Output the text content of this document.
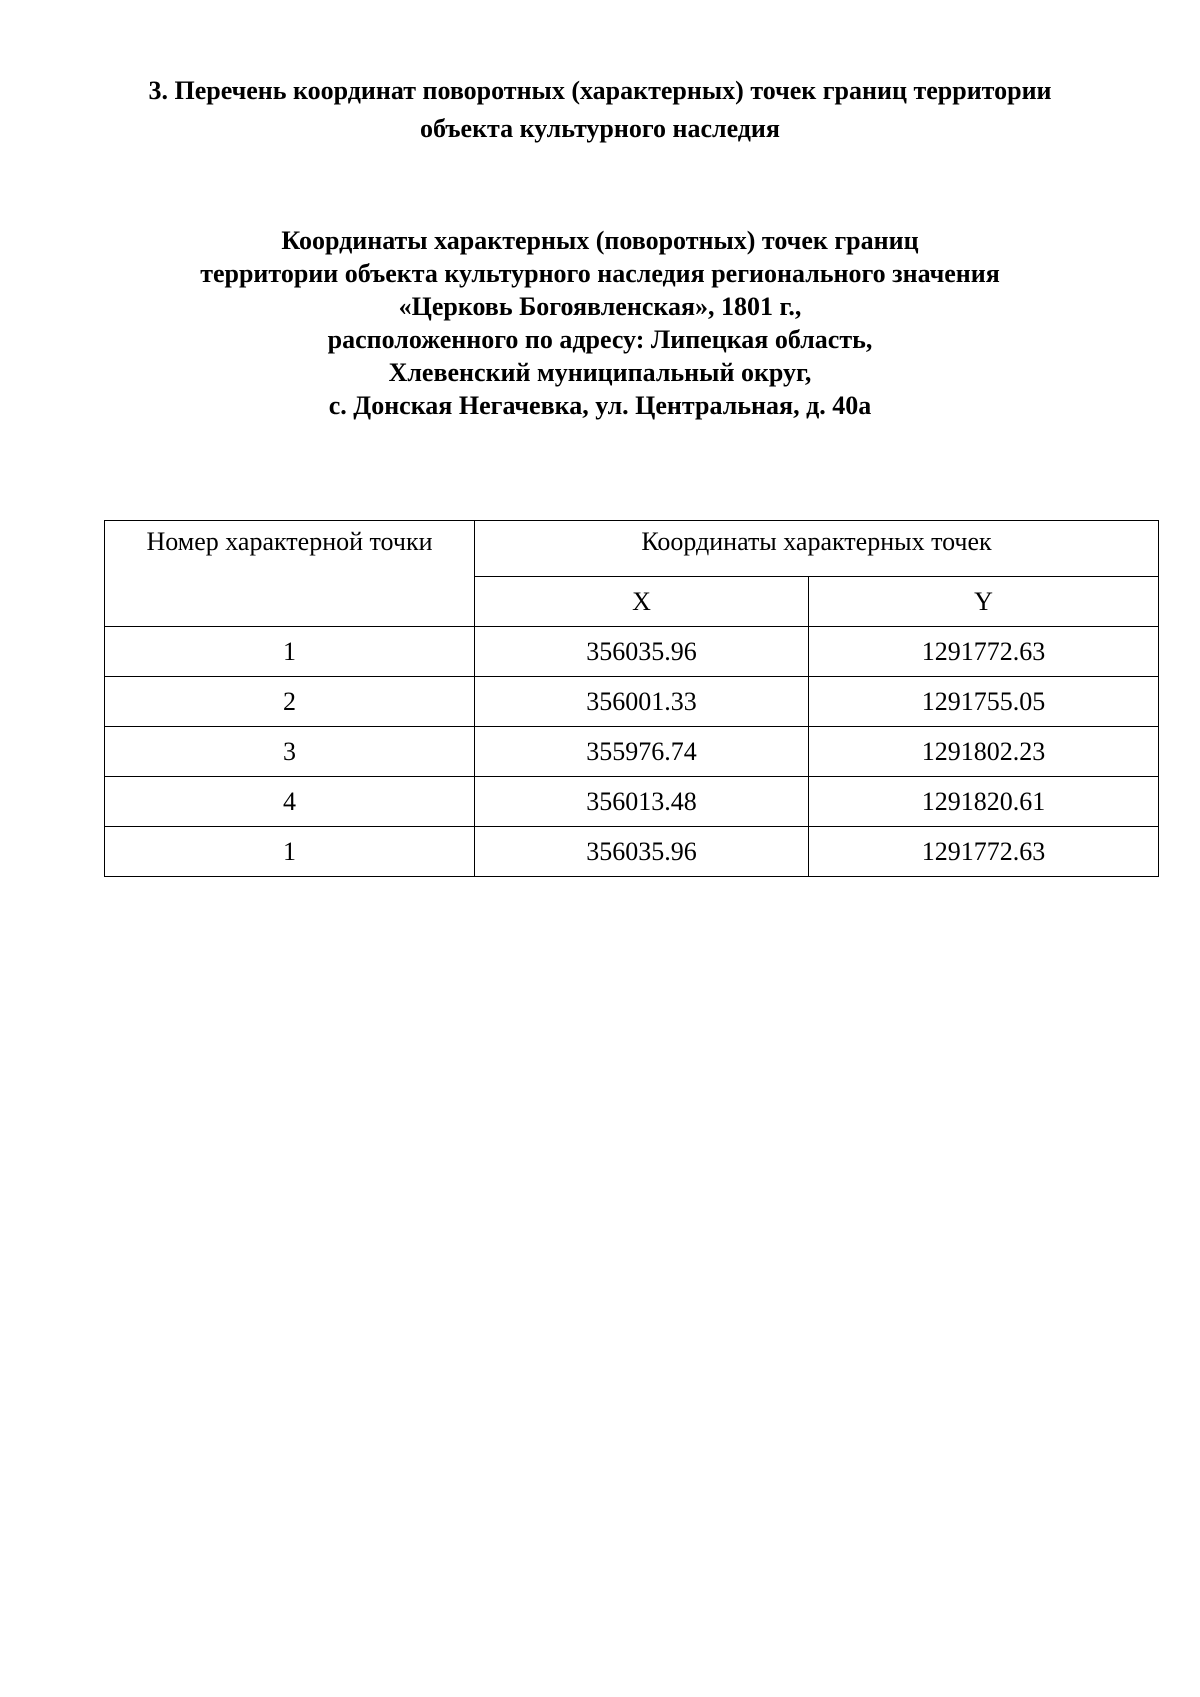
3. Перечень координат поворотных (характерных) точек границ территории объекта культурного наследия
Координаты характерных (поворотных) точек границ
территории объекта культурного наследия регионального значения
«Церковь Богоявленская», 1801 г.,
расположенного по адресу: Липецкая область,
Хлевенский муниципальный округ,
с. Донская Негачевка, ул. Центральная, д. 40а
Номер характерной точки	Координаты характерных точек	
	X	Y
1	356035.96	1291772.63
2	356001.33	1291755.05
3	355976.74	1291802.23
4	356013.48	1291820.61
1	356035.96	1291772.63
